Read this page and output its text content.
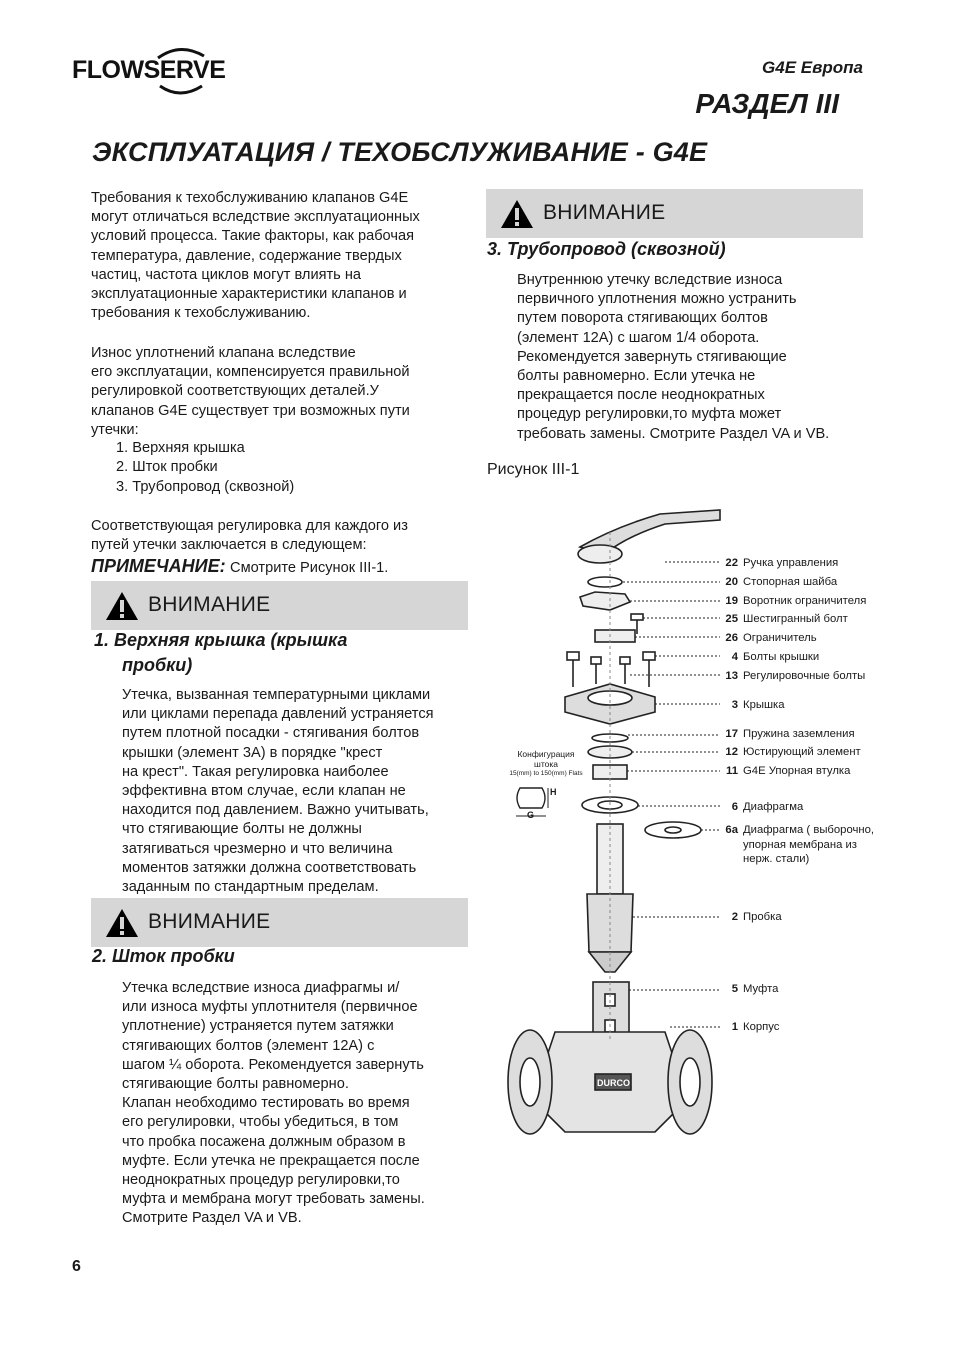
FLOWSERVE	G4E Европа
РАЗДЕЛ III
ЭКСПЛУАТАЦИЯ / ТЕХОБСЛУЖИВАНИЕ - G4E

Требования к техобслуживанию клапанов G4E

могут отличаться вследствие эксплуатационных

условий процесса. Такие факторы, как рабочая

температура, давление, содержание твердых

частиц, частота циклов могут влиять на

эксплуатационные характеристики клапанов и

требования к техобслуживанию.

Износ уплотнений клапана вследствие

его эксплуатации, компенсируется правильной

регулировкой соответствующих деталей.У

клапанов G4E существует три возможных пути

утечки:

1. Верхняя крышка
2. Шток пробки
3. Трубопровод (сквозной)

Соответствующая регулировка для каждого из

путей утечки заключается в следующем:

ПРИМЕЧАНИЕ: Смотрите Рисунок III-1.
ВНИМАНИЕ
1. Верхняя крышка (крышка
пробки)

Утечка, вызванная температурными циклами

или циклами перепада давлений устраняется

путем плотной посадки - стягивания болтов

крышки (элемент 3А) в порядке "крест

на крест". Такая регулировка наиболее

эффективна втом случае, если клапан не

находится под давлением. Важно учитывать,

что стягивающие болты не должны

затягиваться чрезмерно и что величина

моментов затяжки должна соответствовать

заданным по стандартным пределам.

ВНИМАНИЕ
2. Шток пробки

Утечка вследствие износа диафрагмы и/

или износа муфты уплотнителя (первичное

уплотнение) устраняется путем затяжки

стягивающих болтов (элемент 12А) с

шагом ¼ оборота. Рекомендуется завернуть

стягивающие болты равномерно.

Клапан необходимо тестировать во время

его регулировки, чтобы убедиться, в том

что пробка посажена должным образом в

муфте. Если утечка не прекращается после

неоднократных процедур регулировки,то

муфта и мембрана могут требовать замены.

Смотрите Раздел VA и VB.

ВНИМАНИЕ
3. Трубопровод (сквозной)

Внутреннюю утечку вследствие износа

первичного уплотнения можно устранить

путем поворота стягивающих болтов

(элемент 12А) с шагом 1/4 оборота.

Рекомендуется завернуть стягивающие

болты равномерно. Если утечка не

прекращается после неоднократных

процедур регулировки,то муфта может

требовать замены. Смотрите Раздел VA и VB.

Рисунок III-1
DURCO
Конфигурация
штока
15(mm) to 150(mm) Flats
H
G
22 Ручка управления
20 Стопорная шайба
19 Воротник ограничителя
25 Шестигранный болт
26 Ограничитель
4 Болты крышки
13 Регулировочные болты
3 Крышка
17 Пружина заземления
12 Юстирующий элемент
11 G4E Упорная втулка
6 Диафрагма
6a Диафрагма ( выборочно,
упорная мембрана из
нерж. стали)
2 Пробка
5 Муфта
1 Корпус
6
